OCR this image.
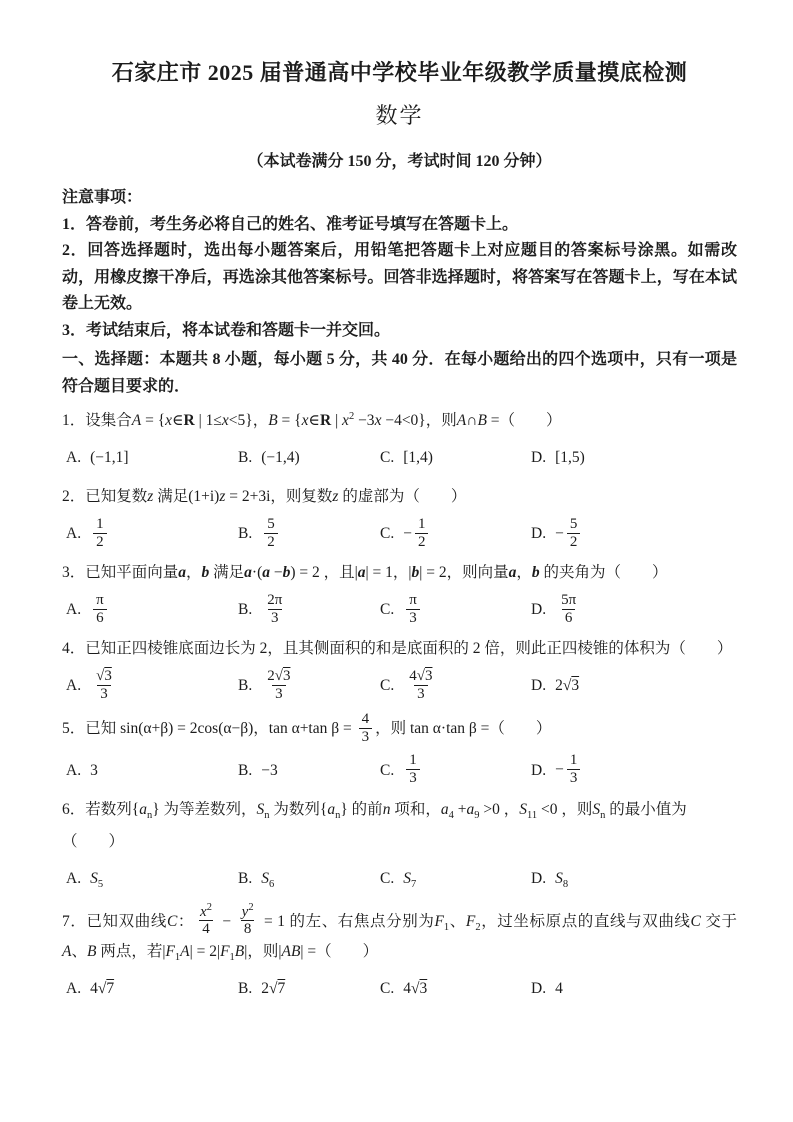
石家庄市 2025 届普通高中学校毕业年级教学质量摸底检测
数学
（本试卷满分 150 分，考试时间 120 分钟）

注意事项：

1．答卷前，考生务必将自己的姓名、准考证号填写在答题卡上。

2．回答选择题时，选出每小题答案后，用铅笔把答题卡上对应题目的答案标号涂黑。如需改动，用橡皮擦干净后，再选涂其他答案标号。回答非选择题时，将答案写在答题卡上，写在本试卷上无效。

3．考试结束后，将本试卷和答题卡一并交回。

一、选择题：本题共 8 小题，每小题 5 分，共 40 分．在每小题给出的四个选项中，只有一项是符合题目要求的．
1．设集合A = {x∈R | 1≤x<5}，B = {x∈R | $x^2 -3x -4<0$}，则A∩B =（　　）
A. (−1,1]	B. (−1,4)	C. [1,4)	D. [1,5)
2．已知复数z 满足(1+i)z = 2+3i，则复数z 的虚部为（　　）
A. $\frac{1}{2}$	B. $\frac{5}{2}$	C. − $\frac{1}{2}$	D. − $\frac{5}{2}$
3．已知平面向量a，b 满足a·(a −b) = 2 ，且|a| = 1，|b| = 2，则向量a，b 的夹角为（　　）
A. $\frac{\pi}{6}$	B. $\frac{2\pi}{3}$	C. $\frac{\pi}{3}$	D. $\frac{5\pi}{6}$
4．已知正四棱锥底面边长为 2，且其侧面积的和是底面积的 2 倍，则此正四棱锥的体积为（　　）
A. $\frac{√3}{3}$	B. $\frac{2√3}{3}$	C. $\frac{4√3}{3}$	D. 2√3
5．已知 sin(α+β) = 2cos(α−β)，tan α+tan $\beta = \frac{4}{3}$ ，则 tan α·tan β =（　　）
A. 3	B. −3	C. $\frac{1}{3}$	D. − $\frac{1}{3}$
6．若数列$\{a_n\}$ 为等差数列，$S_n$ 为数列$\{a_n\}$ 的前n 项和，$a_4 +a_9 >0$ ，$S_{11} <0$ ，则$S_n$ 的最小值为
（　　）
A. $S_5$	B. $S_6$	C. $S_7$	D. $S_8$
7．已知双曲线C： $\frac{x^2}{4} - \frac{y^2}{8} = 1$ 的左、右焦点分别为$F_1$、$F_2$，过坐标原点的直线与双曲线C 交于A、B 两点，若$|F_1A| = 2|F_1B|$，则|AB| =（　　）
A. 4√7	B. 2√7	C. 4√3	D. 4
